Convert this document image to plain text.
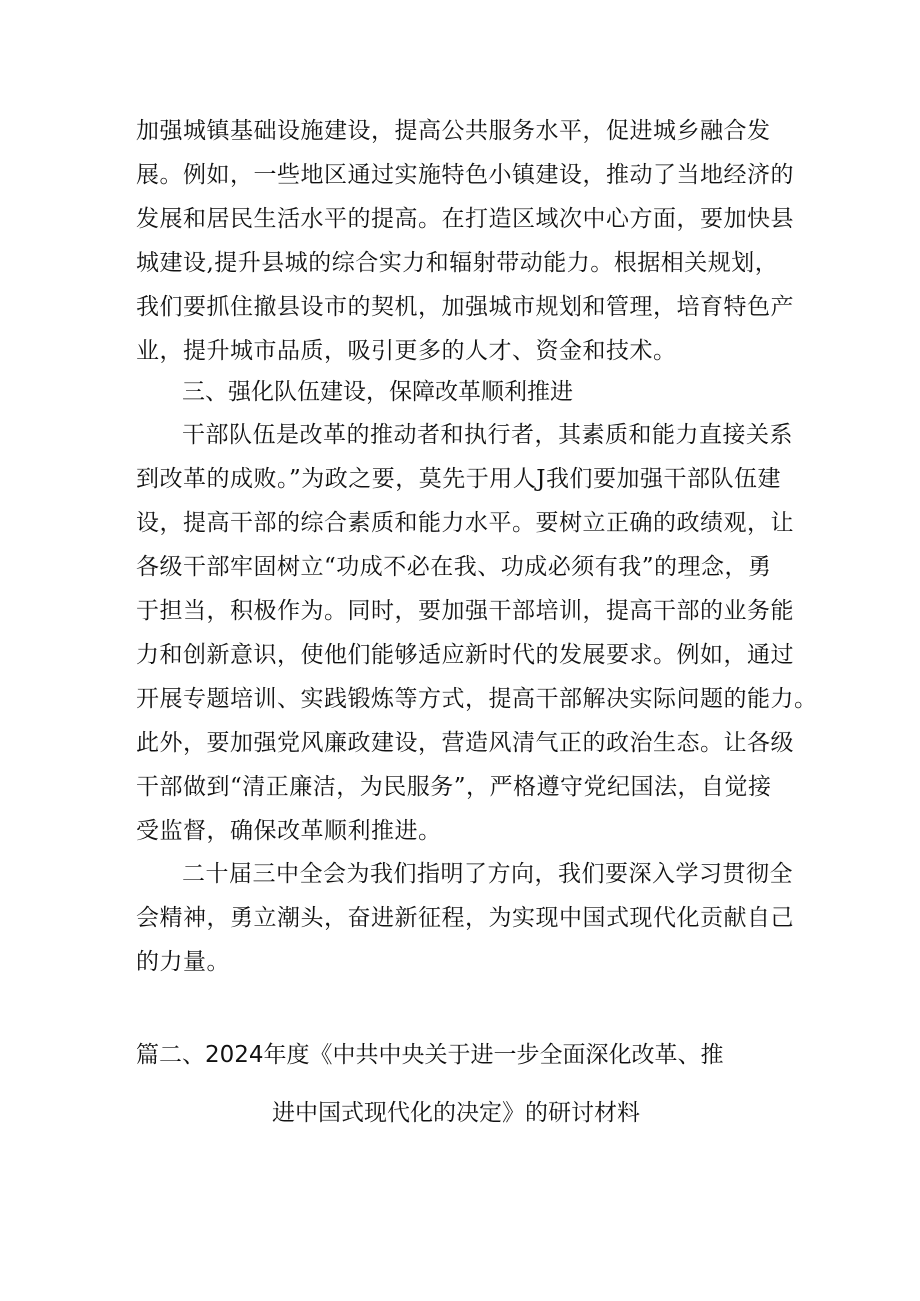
加强城镇基础设施建设，提高公共服务水平，促进城乡融合发
展。例如，一些地区通过实施特色小镇建设，推动了当地经济的
发展和居民生活水平的提高。在打造区域次中心方面，要加快县
城建设,提升县城的综合实力和辐射带动能力。根据相关规划，
我们要抓住撤县设市的契机，加强城市规划和管理，培育特色产
业，提升城市品质，吸引更多的人才、资金和技术。
三、强化队伍建设，保障改革顺利推进
干部队伍是改革的推动者和执行者，其素质和能力直接关系
到改革的成败。”为政之要，莫先于用人J我们要加强干部队伍建
设，提高干部的综合素质和能力水平。要树立正确的政绩观，让
各级干部牢固树立“功成不必在我、功成必须有我”的理念，勇
于担当，积极作为。同时，要加强干部培训，提高干部的业务能
力和创新意识，使他们能够适应新时代的发展要求。例如，通过
开展专题培训、实践锻炼等方式，提高干部解决实际问题的能力。
此外，要加强党风廉政建设，营造风清气正的政治生态。让各级
干部做到“清正廉洁，为民服务”，严格遵守党纪国法，自觉接
受监督，确保改革顺利推进。
二十届三中全会为我们指明了方向，我们要深入学习贯彻全
会精神，勇立潮头，奋进新征程，为实现中国式现代化贡献自己
的力量。
篇二、2024年度《中共中央关于进一步全面深化改革、推
进中国式现代化的决定》的研讨材料
